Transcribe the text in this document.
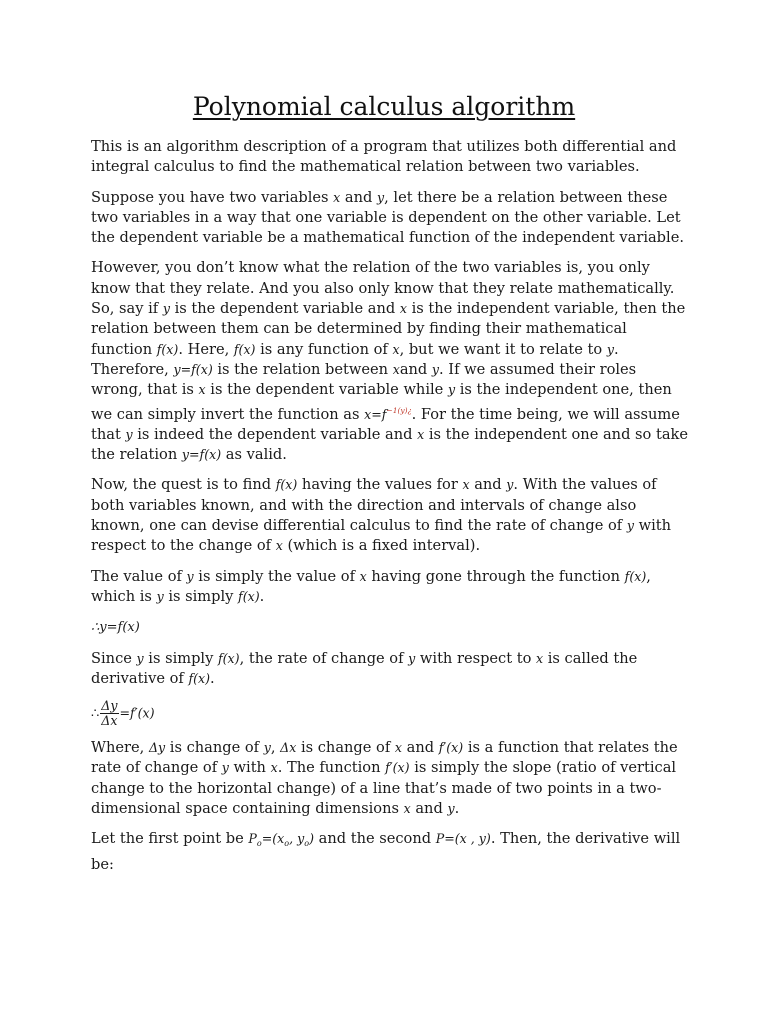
Polynomial calculus algorithm

This is an algorithm description of a program that utilizes both differential and integral calculus to find the mathematical relation between two variables.

Suppose you have two variables x and y, let there be a relation between these two variables in a way that one variable is dependent on the other variable. Let the dependent variable be a mathematical function of the independent variable.

However, you don’t know what the relation of the two variables is, you only know that they relate. And you also only know that they relate mathematically. So, say if y is the dependent variable and x is the independent variable, then the relation between them can be determined by finding their mathematical function f(x). Here, f(x) is any function of x, but we want it to relate to y. Therefore, y=f(x) is the relation between xand y. If we assumed their roles wrong, that is x is the dependent variable while y is the independent one, then we can simply invert the function as $x=f^{-1(y)¿}$. For the time being, we will assume that y is indeed the dependent variable and x is the independent one and so take the relation y=f(x) as valid.

Now, the quest is to find f(x) having the values for x and y. With the values of both variables known, and with the direction and intervals of change also known, one can devise differential calculus to find the rate of change of y with respect to the change of x (which is a fixed interval).

The value of y is simply the value of x having gone through the function f(x), which is y is simply f(x).

∴y=f(x)

Since y is simply f(x), the rate of change of y with respect to x is called the derivative of f(x).

∴ $\frac{\Delta y}{\Delta x} =f'(x)$

Where, Δy is change of y, Δx is change of x and f′(x) is a function that relates the rate of change of y with x. The function f′(x) is simply the slope (ratio of vertical change to the horizontal change) of a line that’s made of two points in a two-dimensional space containing dimensions x and y.

Let the first point be $P_o=(x_o$, $y_o$) and the second P=(x , y). Then, the derivative will be:
